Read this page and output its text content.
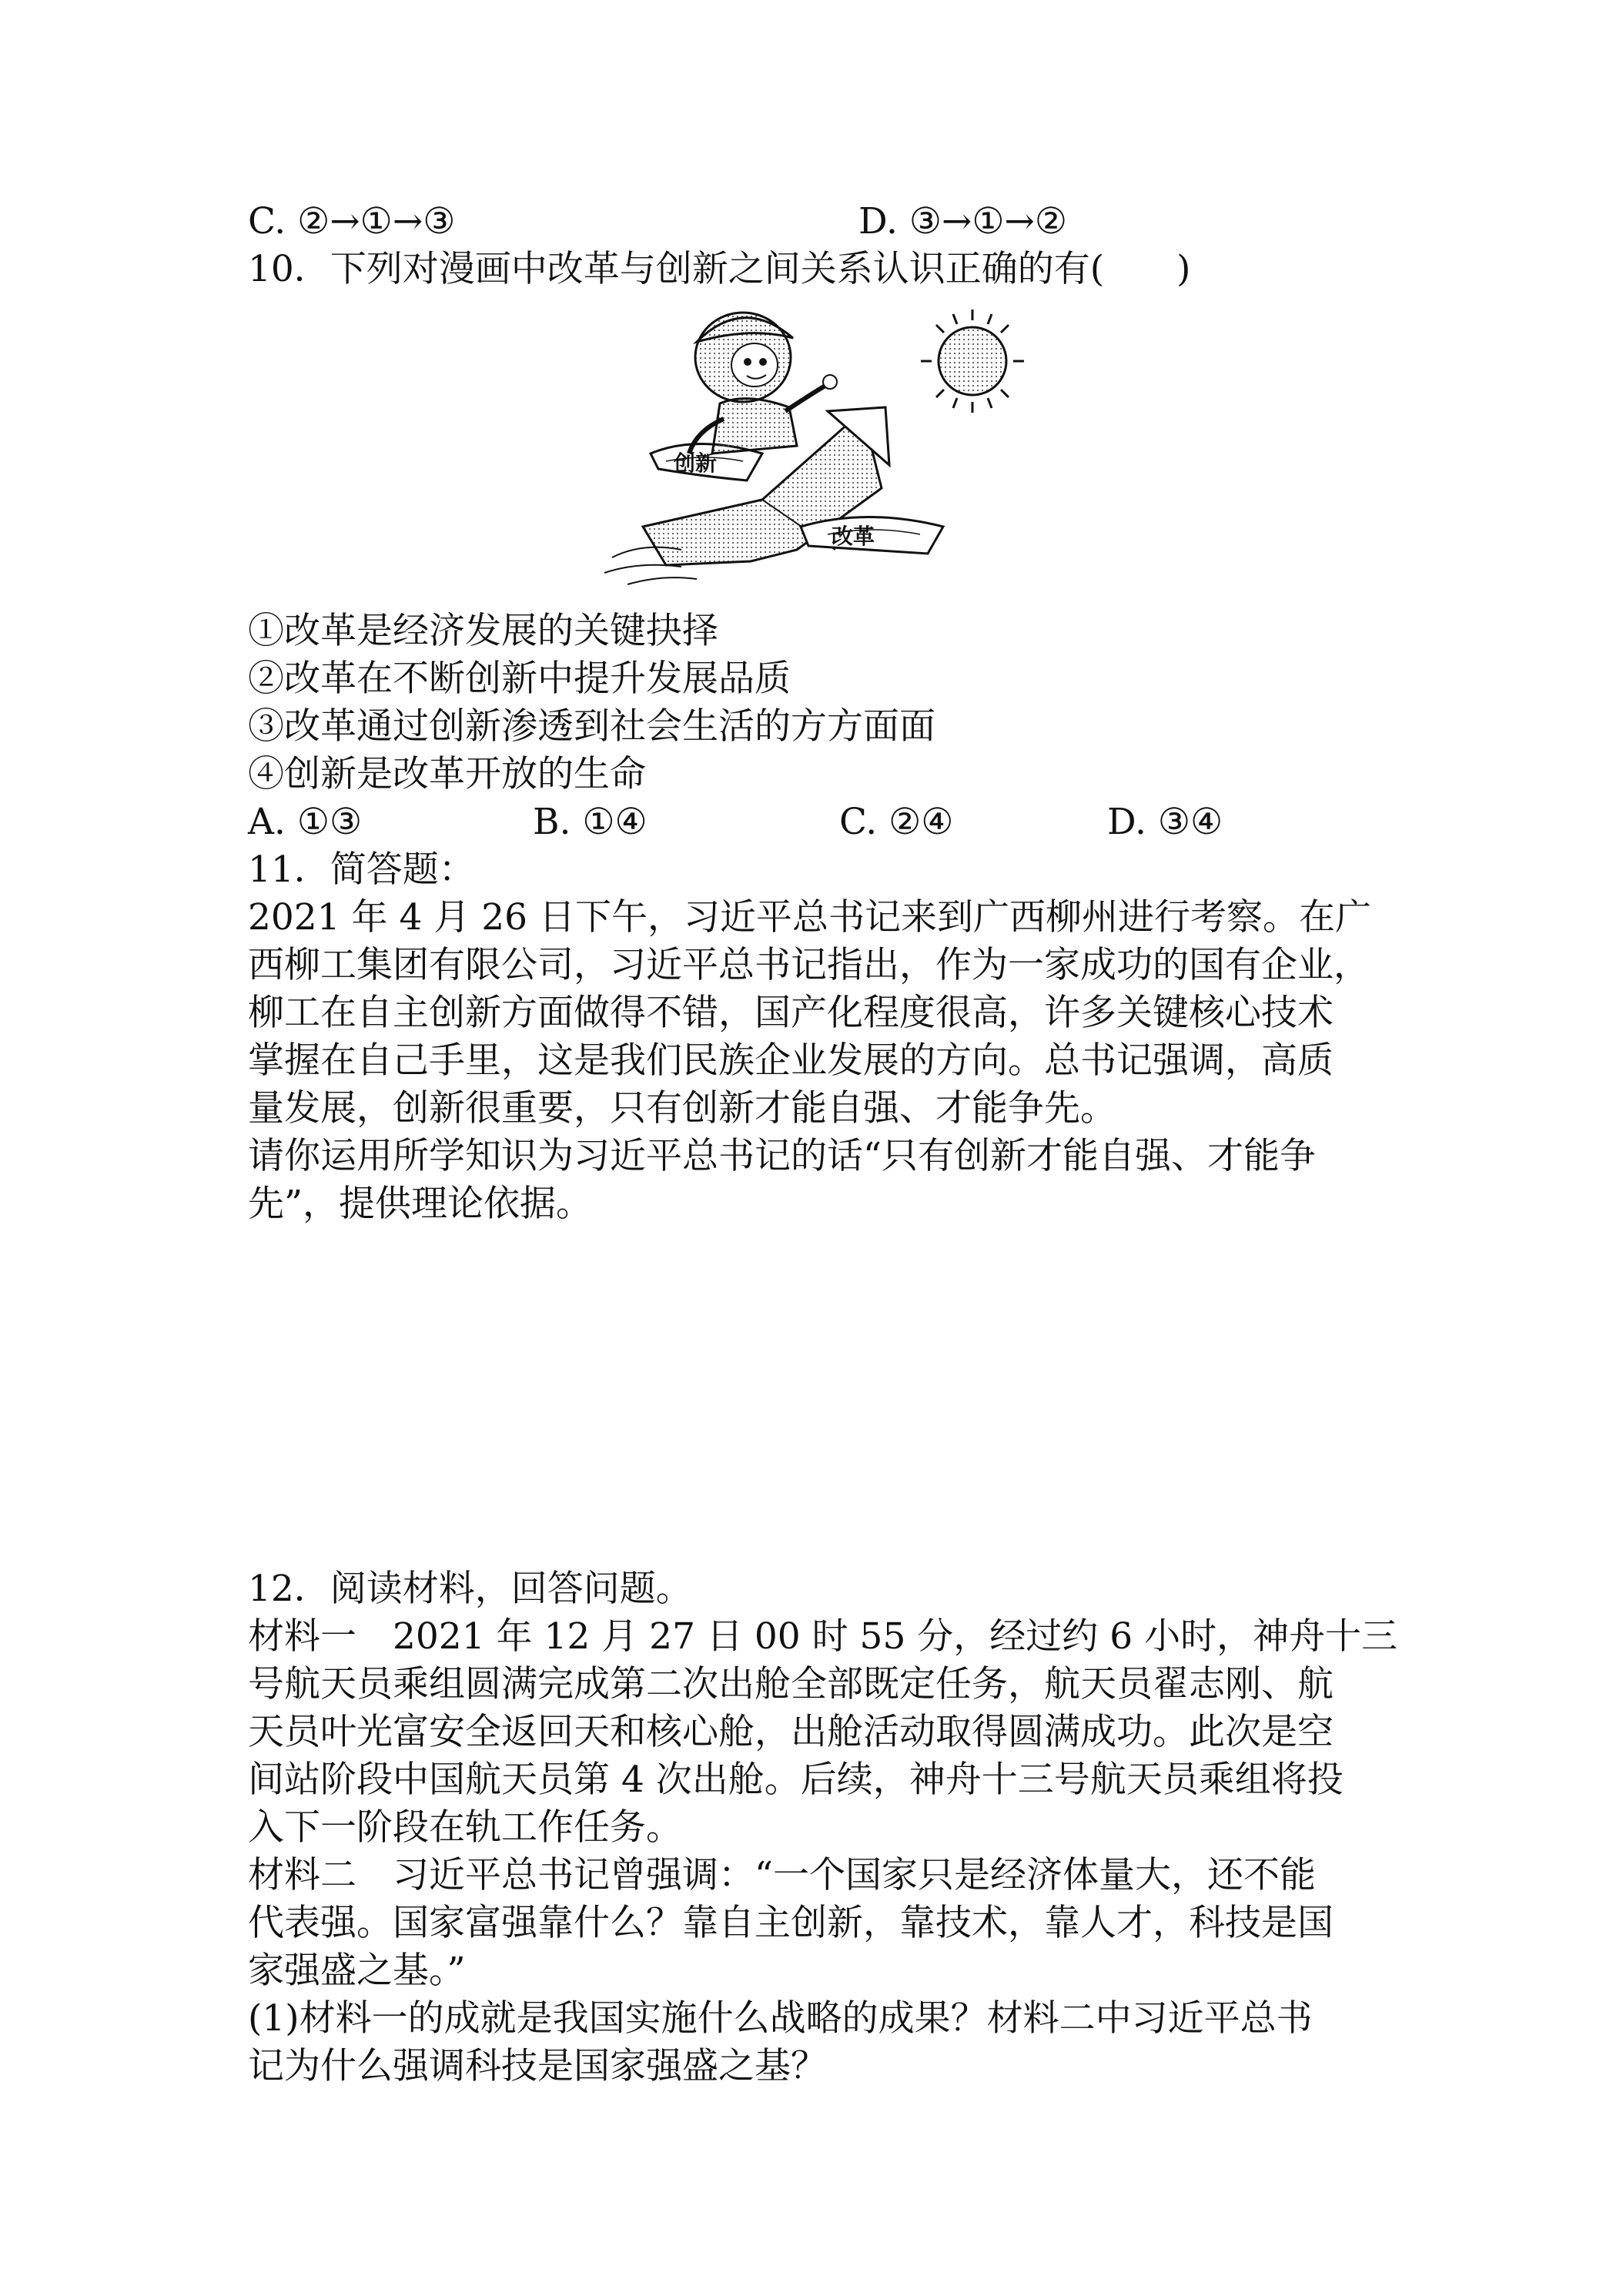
C. ②→①→③	D. ③→①→②
10．下列对漫画中改革与创新之间关系认识正确的有(　　)
创新
改革
①改革是经济发展的关键抉择
②改革在不断创新中提升发展品质
③改革通过创新渗透到社会生活的方方面面
④创新是改革开放的生命
A. ①③	B. ①④	C. ②④	D. ③④
11．简答题：
2021 年 4 月 26 日下午，习近平总书记来到广西柳州进行考察。在广
西柳工集团有限公司，习近平总书记指出，作为一家成功的国有企业，
柳工在自主创新方面做得不错，国产化程度很高，许多关键核心技术
掌握在自己手里，这是我们民族企业发展的方向。总书记强调，高质
量发展，创新很重要，只有创新才能自强、才能争先。
请你运用所学知识为习近平总书记的话“只有创新才能自强、才能争
先”，提供理论依据。
12．阅读材料，回答问题。
材料一　2021 年 12 月 27 日 00 时 55 分，经过约 6 小时，神舟十三
号航天员乘组圆满完成第二次出舱全部既定任务，航天员翟志刚、航
天员叶光富安全返回天和核心舱，出舱活动取得圆满成功。此次是空
间站阶段中国航天员第 4 次出舱。后续，神舟十三号航天员乘组将投
入下一阶段在轨工作任务。
材料二　习近平总书记曾强调：“一个国家只是经济体量大，还不能
代表强。国家富强靠什么？靠自主创新，靠技术，靠人才，科技是国
家强盛之基。”
(1)材料一的成就是我国实施什么战略的成果？材料二中习近平总书
记为什么强调科技是国家强盛之基？
